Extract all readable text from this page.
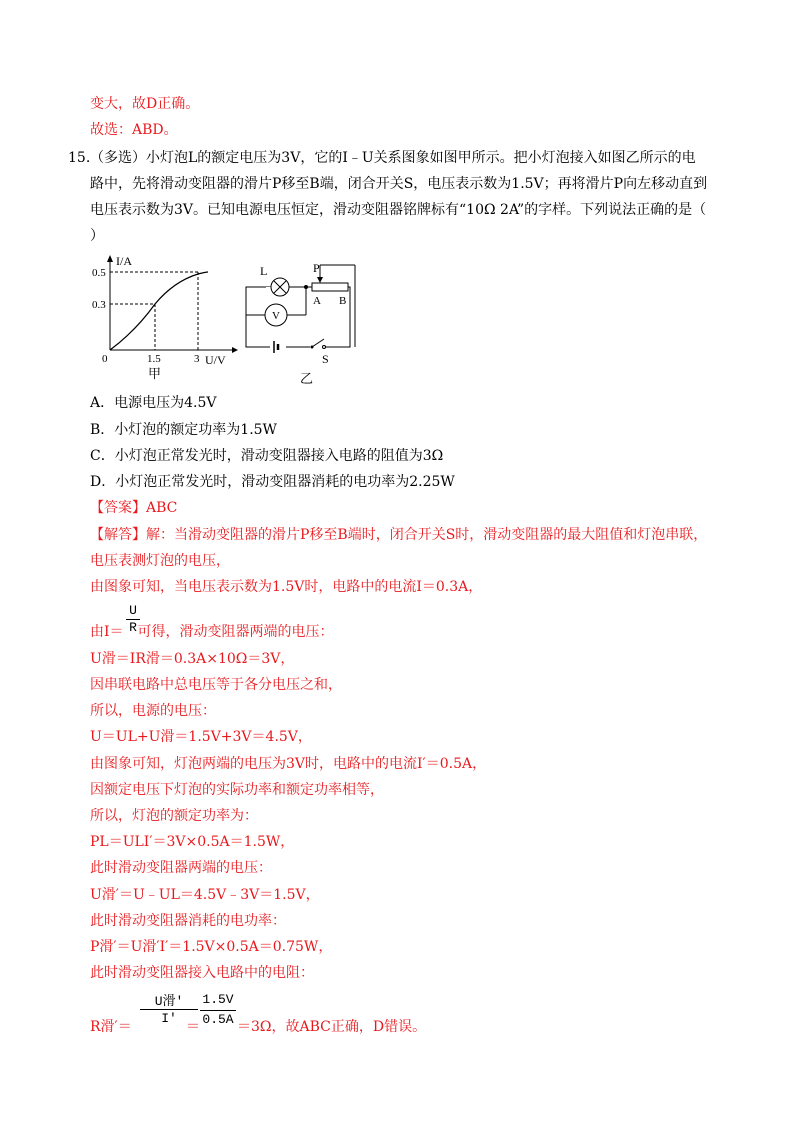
变大，故D正确。
故选：ABD。
15. （多选）小灯泡L的额定电压为3V，它的I﹣U关系图象如图甲所示。把小灯泡接入如图乙所示的电
路中，先将滑动变阻器的滑片P移至B端，闭合开关S，电压表示数为1.5V；再将滑片P向左移动直到
电压表示数为3V。已知电源电压恒定，滑动变阻器铭牌标有“10Ω 2A”的字样。下列说法正确的是（
）
I/A
0.5
0.3
0	1.5	3 U/V
甲
V
L	P
A B
S
乙
A．电源电压为4.5V
B．小灯泡的额定功率为1.5W
C．小灯泡正常发光时，滑动变阻器接入电路的阻值为3Ω
D．小灯泡正常发光时，滑动变阻器消耗的电功率为2.25W
【答案】ABC
【解答】解：当滑动变阻器的滑片P移至B端时，闭合开关S时，滑动变阻器的最大阻值和灯泡串联，
电压表测灯泡的电压，
由图象可知，当电压表示数为1.5V时，电路中的电流I＝0.3A，
由I＝ 可得，滑动变阻器两端的电压：
U
R
U滑＝IR滑＝0.3A×10Ω＝3V，
因串联电路中总电压等于各分电压之和，
所以，电源的电压：
U＝UL+U滑＝1.5V+3V＝4.5V，
由图象可知，灯泡两端的电压为3V时，电路中的电流I′＝0.5A，
因额定电压下灯泡的实际功率和额定功率相等，
所以，灯泡的额定功率为：
PL＝ULI′＝3V×0.5A＝1.5W，
此时滑动变阻器两端的电压：
U滑′＝U﹣UL＝4.5V﹣3V＝1.5V，
此时滑动变阻器消耗的电功率：
P滑′＝U滑′I′＝1.5V×0.5A＝0.75W，
此时滑动变阻器接入电路中的电阻：
R滑′＝
U滑′
I′
＝
1.5V
0.5A ＝3Ω，故ABC正确，D错误。
